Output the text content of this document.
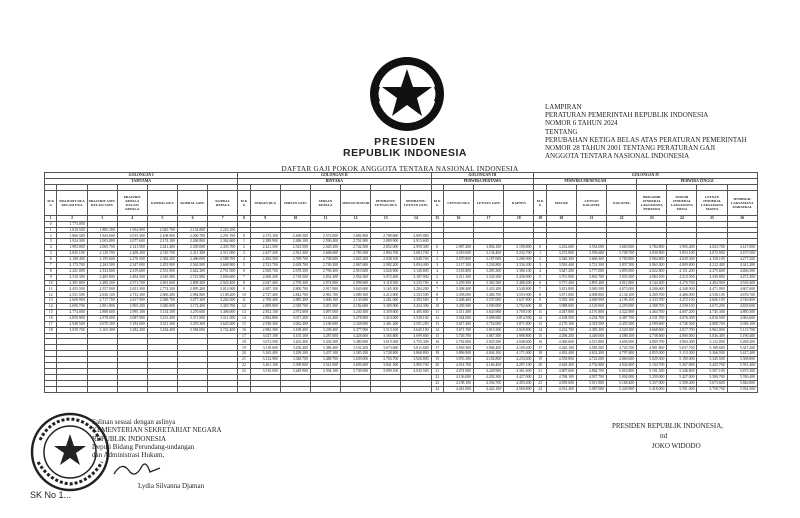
PRESIDEN
REPUBLIK INDONESIA
LAMPIRAN
PERATURAN PEMERINTAH REPUBLIK INDONESIA
NOMOR 6 TAHUN 2024
TENTANG
PERUBAHAN KETIGA BELAS ATAS PERATURAN PEMERINTAH
NOMOR 28 TAHUN 2001 TENTANG PERATURAN GAJI
ANGGOTA TENTARA NASIONAL INDONESIA
DAFTAR GAJI POKOK ANGGOTA TENTARA NASIONAL INDONESIA
GOLONGAN I							GOLONGAN II							GOLONGAN III				GOLONGAN IV							
TAMTAMA							BINTARA							PERWIRA PERTAMA				PERWIRA MENENGAH				PERWIRA TINGGI			

M K G	PRAJURIT DUA KELASI DUA	PRAJURIT SATU KELASI SATU	PRAJURIT KEPALA KELASI KEPALA	KOPRAL DUA	KOPRAL SATU	KOPRAL KEPALA	M K G	SERSAN DUA	SERSAN SATU	SERSAN KEPALA	SERSAN MAYOR	PEMBANTU LETNAN DUA	PEMBANTU LETNAN SATU	M K G	LETNAN DUA	LETNAN SATU	KAPTEN	M K G	MAYOR	LETNAN KOLONEL	KOLONEL	BRIGADIR JENDERAL LAKSAMANA PERTAMA	MAYOR JENDERAL LAKSAMANA MUDA	LETNAN JENDERAL LAKSAMANA MADYA	JENDERAL LAKSAMANA MARSEKAL
1	2	3	4	5	6	7	8	9	10	11	12	13	14	15	16	17	18	19	20	21	22	23	24	25	26
0	1.773.000																								
1	1.810.500	1.885.300	1.954.900	2.045.700	2.134.800	2.223.100																			
2	1.866.500	1.943.600	2.015.300	2.108.900	2.200.700	2.291.700	0	2.373.100	2.468.500	2.572.000	2.682.800	2.789.600	2.895.000												
3	1.924.300	2.003.800	2.077.600	2.174.100	2.268.800	2.362.600	1	2.389.900	2.486.100	2.590.400	2.701.900	2.809.900	2.915.600												
4	1.983.800	2.065.700	2.141.900	2.241.400	2.339.000	2.435.700	2	2.421.500	2.523.500	2.629.200	2.742.500	2.852.000	2.959.300	0	2.987.200	3.094.100	3.190.800	0	3.432.600	3.554.000	3.665.000	3.784.800	3.905.400	4.023.700	4.147.000
5	2.045.100	2.129.700	2.208.200	2.310.700	2.411.300	2.511.000	3	2.457.200	2.561.300	2.668.600	2.783.500	2.894.700	3.003.700	1	3.019.600	3.134.400	3.232.700	1	3.472.800	3.596.600	3.708.700	3.830.900	3.953.100	4.072.900	4.197.500
6	2.108.400	2.195.600	2.276.500	2.382.200	2.486.000	2.588.700	4	2.494.300	2.599.700	2.708.600	2.825.200	2.938.100	3.048.700	2	3.070.800	3.187.000	3.286.900	2	3.540.300	3.666.300	3.780.800	3.904.800	4.029.300	4.150.100	4.277.200
7	2.173.700	2.263.500	2.347.000	2.455.900	2.562.900	2.668.900	5	2.531.700	2.638.700	2.749.200	2.867.600	2.982.200	3.094.400	3	3.117.100	3.234.800	3.336.200	3	3.593.400	3.721.300	3.837.500	3.963.300	4.089.800	4.212.400	4.341.200
8	2.241.000	2.333.600	2.419.600	2.531.900	2.642.200	2.751.500	6	2.569.700	2.678.300	2.790.400	2.910.600	3.026.900	3.140.800	4	3.163.800	3.283.300	3.386.100	4	3.647.200	3.777.000	3.895.000	4.022.800	4.151.200	4.275.600	4.406.300
9	2.310.300	2.405.800	2.494.500	2.610.300	2.723.900	2.836.600	7	2.608.200	2.718.500	2.832.300	2.954.300	3.072.400	3.187.900	5	3.211.300	3.332.500	3.436.900	5	3.701.900	3.833.700	3.953.500	4.083.100	4.213.500	4.339.800	4.472.300
10	2.381.800	2.480.200	2.571.700	2.691.000	2.808.300	2.924.400	8	2.647.400	2.759.300	2.874.800	2.998.600	3.118.500	3.235.700	6	3.259.500	3.382.500	3.488.400	6	3.757.400	3.891.200	4.012.800	4.144.400	4.276.700	4.404.900	4.539.400
11	2.455.500	2.557.000	2.651.300	2.774.300	2.895.200	3.014.900	9	2.687.100	2.800.700	2.917.900	3.043.600	3.165.300	3.284.200	7	3.308.400	3.433.200	3.540.800	7	3.813.800	3.949.500	4.073.000	4.206.600	4.340.900	4.471.000	4.607.600
12	2.531.500	2.636.100	2.733.300	2.860.200	2.984.800	3.108.200	10	2.727.400	2.842.700	2.961.700	3.089.300	3.212.800	3.333.500	8	3.358.000	3.484.700	3.593.900	8	3.871.000	4.008.800	4.134.100	4.269.700	4.406.000	4.538.100	4.676.700
13	2.609.900	2.717.700	2.817.900	2.948.700	3.077.200	3.204.500	11	2.768.400	2.885.400	3.006.100	3.135.600	3.261.000	3.383.500	9	3.408.400	3.537.000	3.647.800	9	3.929.100	4.068.900	4.196.100	4.333.700	4.472.100	4.606.100	4.746.800
14	2.690.700	2.801.800	2.905.200	3.040.000	3.172.400	3.303.700	12	2.809.900	2.928.700	3.051.200	3.182.600	3.309.900	3.434.300	10	3.459.500	3.590.000	3.702.600	10	3.988.000	4.129.900	4.259.000	4.398.700	4.539.100	4.675.200	4.818.000
15	2.774.000	2.888.600	2.995.100	3.134.100	3.270.600	3.406.000	13	2.852.100	2.972.600	3.097.000	3.230.300	3.359.600	3.485.800	11	3.511.400	3.643.900	3.758.100	11	4.047.800	4.191.800	4.322.900	4.464.700	4.607.200	4.745.300	4.890.300
16	2.859.900	2.978.000	3.087.900	3.231.200	3.371.900	3.511.500	14	2.894.800	3.017.200	3.143.400	3.278.800	3.410.000	3.538.100	12	3.564.000	3.698.600	3.814.500	12	4.108.500	4.254.700	4.387.700	4.531.700	4.676.300	4.816.500	4.963.600
17	2.948.500	3.070.200	3.183.600	3.331.300	3.476.300	3.620.300	15	2.938.300	3.062.400	3.190.600	3.328.000	3.461.200	3.591.200	13	3.617.400	3.754.000	3.871.800	13	4.170.100	4.318.500	4.453.500	4.599.600	4.746.500	4.888.700	5.038.100
18	3.039.700	3.165.300	3.282.200	3.434.400	3.584.000	3.732.400	16	2.982.300	3.108.400	3.238.400	3.377.900	3.513.100	3.645.100	14	3.671.700	3.810.300	3.929.800	14	4.232.700	4.383.300	4.520.300	4.668.600	4.817.700	4.962.000	5.113.700
							17	3.027.100	3.155.100	3.287.000	3.428.600	3.565.800	3.699.800	15	3.726.700	3.867.500	3.988.800	15	4.296.200	4.449.000	4.588.100	4.738.600	4.890.000	5.036.400	5.190.400
							18	3.072.500	3.202.400	3.336.300	3.480.000	3.619.300	3.755.300	16	3.782.600	3.925.500	4.048.600	16	4.360.600	4.515.800	4.656.900	4.809.700	4.963.300	5.112.000	5.268.200
							19	3.118.600	3.250.400	3.386.400	3.532.200	3.673.600	3.811.600	17	3.839.300	3.984.400	4.109.400	17	4.426.100	4.583.500	4.726.700	4.881.800	5.037.700	5.188.600	5.347.200
							20	3.165.400	3.299.200	3.437.100	3.585.200	3.728.800	3.868.800	18	3.896.900	4.044.100	4.171.000	18	4.492.400	4.652.200	4.797.600	4.955.000	5.113.300	5.266.500	5.427.400
							21	3.212.900	3.348.700	3.488.700	3.639.000	3.784.700	3.926.800	19	3.955.300	4.104.800	4.233.600	19	4.559.800	4.722.000	4.869.600	5.029.300	5.190.000	5.345.500	5.508.800
							22	3.261.100	3.398.900	3.541.000	3.693.600	3.841.500	3.985.700	20	4.014.700	4.166.400	4.297.100	20	4.628.200	4.792.800	4.942.600	5.104.700	5.267.800	5.425.700	5.591.400
							23	3.310.000	3.449.900	3.594.100	3.749.000	3.899.100	4.045.500	21	4.074.900	4.228.900	4.361.600	21	4.697.600	4.864.700	5.016.800	5.181.300	5.346.800	5.507.100	5.675.300
														22	4.136.000	4.292.300	4.427.000	22	4.768.100	4.937.700	5.092.000	5.259.000	5.427.000	5.589.700	5.760.400
														23	4.198.100	4.356.700	4.493.400	23	4.839.600	5.011.800	5.168.400	5.337.900	5.508.400	5.673.600	5.846.800
														24	4.261.000	4.422.100	4.560.800	24	4.912.200	5.087.000	5.245.900	5.418.000	5.591.000	5.758.700	5.934.500
Salinan sesuai dengan aslinya
KEMENTERIAN SEKRETARIAT NEGARA
REPUBLIK INDONESIA
Deputi Bidang Perundang-undangan
dan Administrasi Hukum,
Lydia Silvanna Djaman
SK No 1...
PRESIDEN REPUBLIK INDONESIA,
ttd
JOKO WIDODO
